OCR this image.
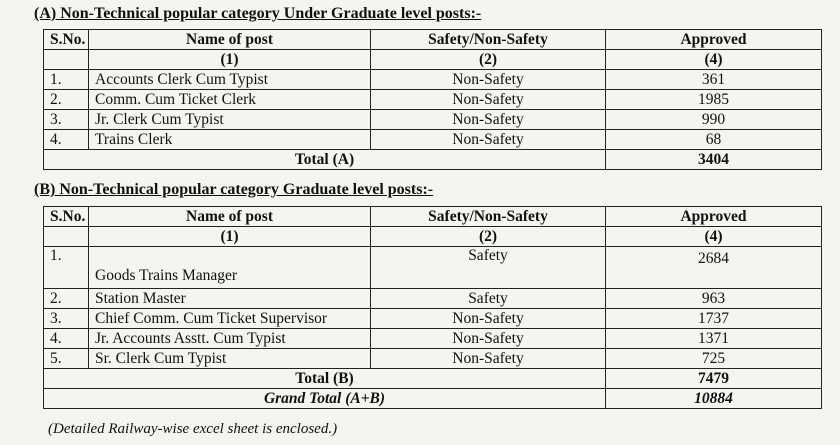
(A) Non-Technical popular category Under Graduate level posts:-
S.No.	Name of post	Safety/Non-Safety	Approved
	(1)	(2)	(4)
1.	Accounts Clerk Cum Typist	Non-Safety	361
2.	Comm. Cum Ticket Clerk	Non-Safety	1985
3.	Jr. Clerk Cum Typist	Non-Safety	990
4.	Trains Clerk	Non-Safety	68
Total (A)			3404
(B) Non-Technical popular category Graduate level posts:-
S.No.	Name of post	Safety/Non-Safety	Approved
	(1)	(2)	(4)
1.	Goods Trains Manager	Safety	2684
2.	Station Master	Safety	963
3.	Chief Comm. Cum Ticket Supervisor	Non-Safety	1737
4.	Jr. Accounts Asstt. Cum Typist	Non-Safety	1371
5.	Sr. Clerk Cum Typist	Non-Safety	725
Total (B)			7479
Grand Total (A+B)			10884
(Detailed Railway-wise excel sheet is enclosed.)
